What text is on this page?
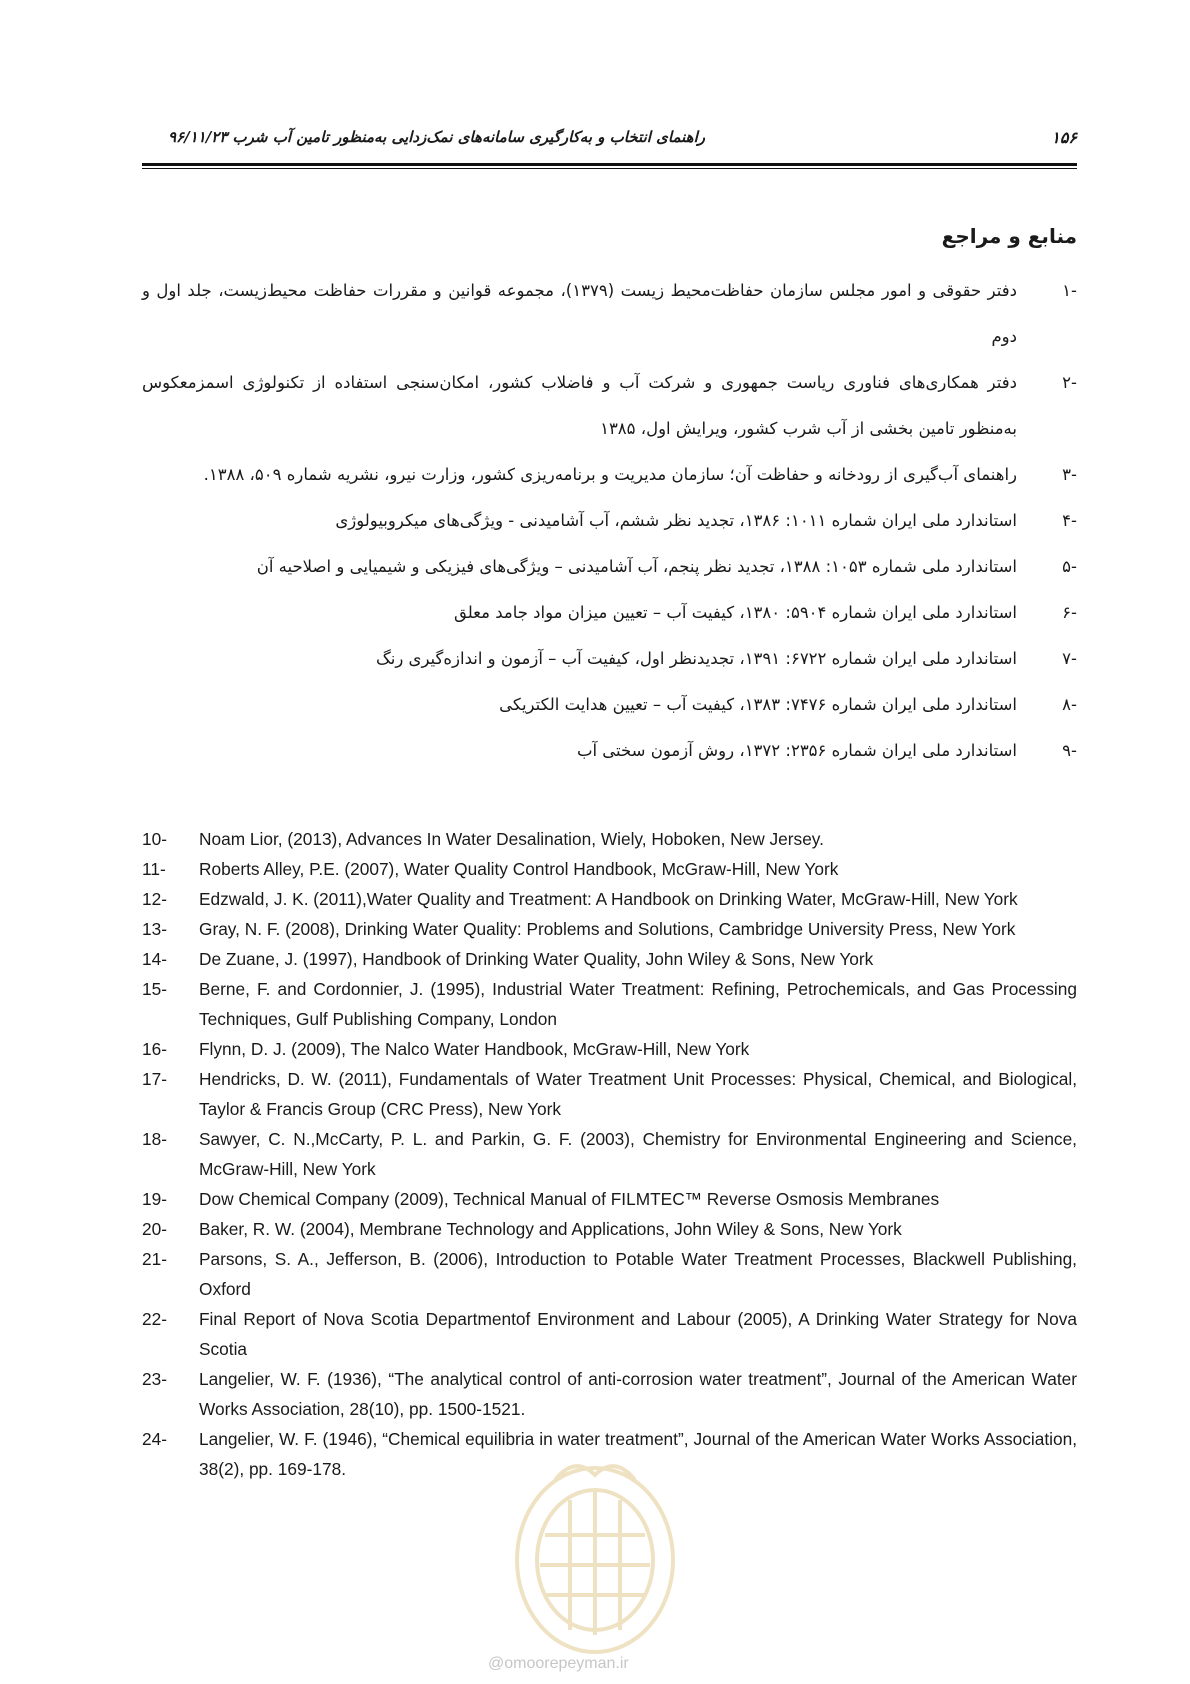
۱۵۶
راهنمای انتخاب و به‌کارگیری سامانه‌های نمک‌زدایی به‌منظور تامین آب شرب ۹۶/۱۱/۲۳
منابع و مراجع
-۱
دفتر حقوقی و امور مجلس سازمان حفاظت‌محیط زیست (۱۳۷۹)، مجموعه قوانین و مقررات حفاظت محیط‌زیست، جلد اول و دوم
-۲
دفتر همکاری‌های فناوری ریاست جمهوری و شرکت آب و فاضلاب کشور، امکان‌سنجی استفاده از تکنولوژی اسمزمعکوس به‌منظور تامین بخشی از آب شرب کشور، ویرایش اول، ۱۳۸۵
-۳
راهنمای آب‌گیری از رودخانه و حفاظت آن؛ سازمان مدیریت و برنامه‌ریزی کشور، وزارت نیرو، نشریه شماره ۵۰۹، ۱۳۸۸.
-۴
استاندارد ملی ایران شماره ۱۰۱۱: ۱۳۸۶، تجدید نظر ششم، آب آشامیدنی - ویژگی‌های میکروبیولوژی
-۵
استاندارد ملی شماره ۱۰۵۳: ۱۳۸۸، تجدید نظر پنجم، آب آشامیدنی – ویژگی‌های فیزیکی و شیمیایی و اصلاحیه آن
-۶
استاندارد ملی ایران شماره ۵۹۰۴: ۱۳۸۰، کیفیت آب – تعیین میزان مواد جامد معلق
-۷
استاندارد ملی ایران شماره ۶۷۲۲: ۱۳۹۱، تجدیدنظر اول، کیفیت آب – آزمون و اندازه‌گیری رنگ
-۸
استاندارد ملی ایران شماره ۷۴۷۶: ۱۳۸۳، کیفیت آب – تعیین هدایت الکتریکی
-۹
استاندارد ملی ایران شماره ۲۳۵۶: ۱۳۷۲، روش آزمون سختی آب
10-	Noam Lior, (2013), Advances In Water Desalination, Wiely, Hoboken, New Jersey.
11-	Roberts Alley, P.E. (2007), Water Quality Control Handbook, McGraw-Hill, New York
12-	Edzwald, J. K. (2011),Water Quality and Treatment: A Handbook on Drinking Water, McGraw-Hill, New York
13-	Gray, N. F. (2008), Drinking Water Quality: Problems and Solutions, Cambridge University Press, New York
14-	De Zuane, J. (1997), Handbook of Drinking Water Quality, John Wiley & Sons, New York
15-	Berne, F. and Cordonnier, J. (1995), Industrial Water Treatment: Refining, Petrochemicals, and Gas Processing Techniques, Gulf Publishing Company, London
16-	Flynn, D. J. (2009), The Nalco Water Handbook, McGraw-Hill, New York
17-	Hendricks, D. W. (2011), Fundamentals of Water Treatment Unit Processes: Physical, Chemical, and Biological, Taylor & Francis Group (CRC Press), New York
18-	Sawyer, C. N.,McCarty, P. L. and Parkin, G. F. (2003), Chemistry for Environmental Engineering and Science, McGraw-Hill, New York
19-	Dow Chemical Company (2009), Technical Manual of FILMTEC™ Reverse Osmosis Membranes
20-	Baker, R. W. (2004), Membrane Technology and Applications, John Wiley & Sons, New York
21-	Parsons, S. A., Jefferson, B. (2006), Introduction to Potable Water Treatment Processes, Blackwell Publishing, Oxford
22-	Final Report of Nova Scotia Departmentof Environment and Labour (2005), A Drinking Water Strategy for Nova Scotia
23-	Langelier, W. F. (1936), “The analytical control of anti-corrosion water treatment”, Journal of the American Water Works Association, 28(10), pp. 1500-1521.
24-	Langelier, W. F. (1946), “Chemical equilibria in water treatment”, Journal of the American Water Works Association, 38(2), pp. 169-178.
@omoorepeyman.ir
